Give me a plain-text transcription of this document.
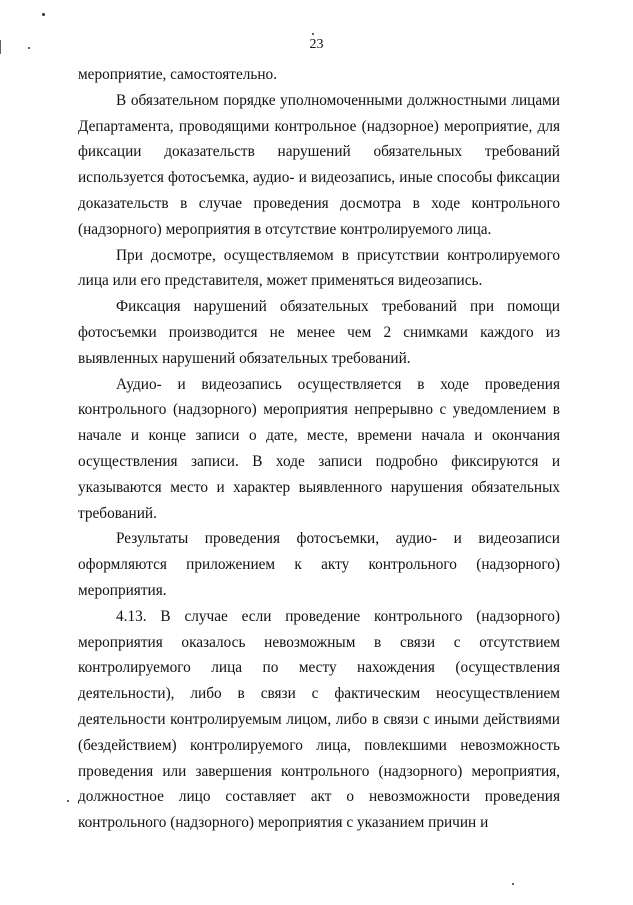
23

мероприятие, самостоятельно.

В обязательном порядке уполномоченными должностными лицами Департамента, проводящими контрольное (надзорное) мероприятие, для фиксации доказательств нарушений обязательных требований используется фотосъемка, аудио- и видеозапись, иные способы фиксации доказательств в случае проведения досмотра в ходе контрольного (надзорного) мероприятия в отсутствие контролируемого лица.

При досмотре, осуществляемом в присутствии контролируемого лица или его представителя, может применяться видеозапись.

Фиксация нарушений обязательных требований при помощи фотосъемки производится не менее чем 2 снимками каждого из выявленных нарушений обязательных требований.

Аудио- и видеозапись осуществляется в ходе проведения контрольного (надзорного) мероприятия непрерывно с уведомлением в начале и конце записи о дате, месте, времени начала и окончания осуществления записи. В ходе записи подробно фиксируются и указываются место и характер выявленного нарушения обязательных требований.

Результаты проведения фотосъемки, аудио- и видеозаписи оформляются приложением к акту контрольного (надзорного) мероприятия.

4.13. В случае если проведение контрольного (надзорного) мероприятия оказалось невозможным в связи с отсутствием контролируемого лица по месту нахождения (осуществления деятельности), либо в связи с фактическим неосуществлением деятельности контролируемым лицом, либо в связи с иными действиями (бездействием) контролируемого лица, повлекшими невозможность проведения или завершения контрольного (надзорного) мероприятия, должностное лицо составляет акт о невозможности проведения контрольного (надзорного) мероприятия с указанием причин и
